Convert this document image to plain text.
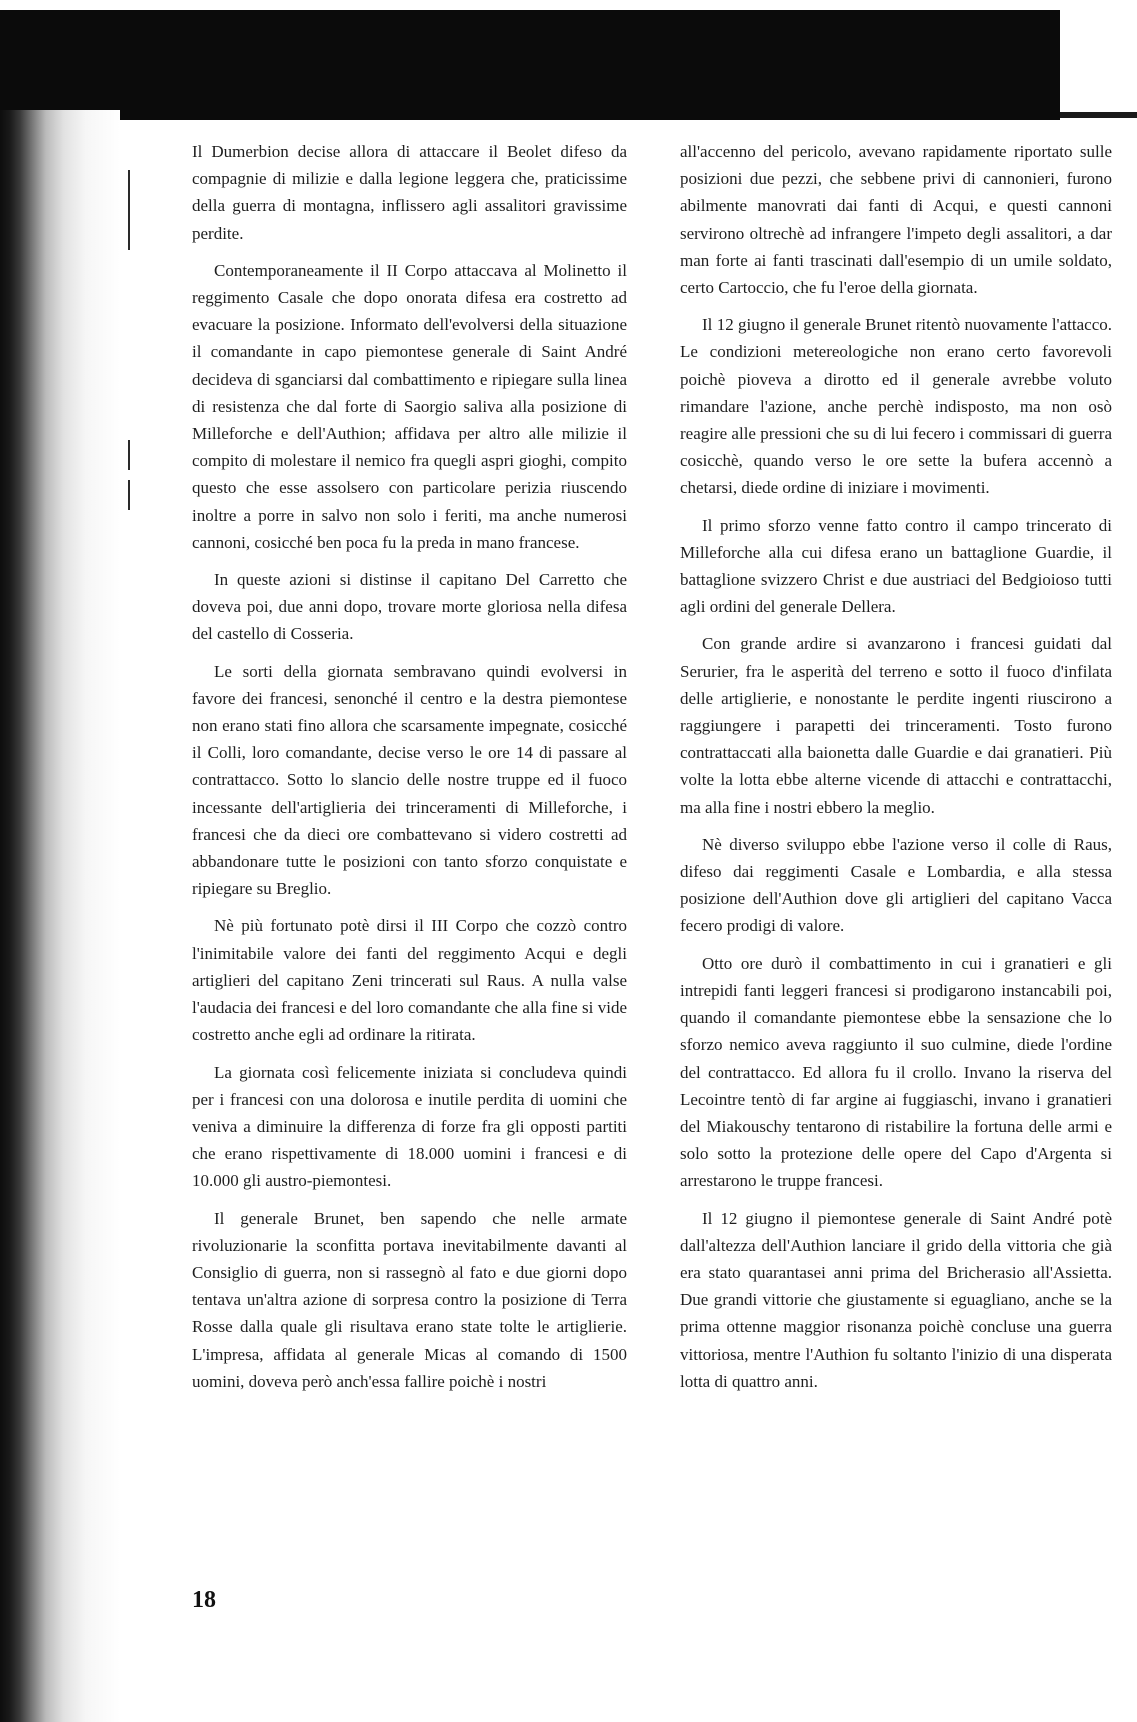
Il Dumerbion decise allora di attaccare il Beolet difeso da compagnie di milizie e dalla legione leggera che, praticissime della guerra di montagna, inflissero agli assalitori gravissime perdite.

Contemporaneamente il II Corpo attaccava al Molinetto il reggimento Casale che dopo onorata difesa era costretto ad evacuare la posizione. Informato dell'evolversi della situazione il comandante in capo piemontese generale di Saint André decideva di sganciarsi dal combattimento e ripiegare sulla linea di resistenza che dal forte di Saorgio saliva alla posizione di Milleforche e dell'Authion; affidava per altro alle milizie il compito di molestare il nemico fra quegli aspri gioghi, compito questo che esse assolsero con particolare perizia riuscendo inoltre a porre in salvo non solo i feriti, ma anche numerosi cannoni, cosicché ben poca fu la preda in mano francese.

In queste azioni si distinse il capitano Del Carretto che doveva poi, due anni dopo, trovare morte gloriosa nella difesa del castello di Cosseria.

Le sorti della giornata sembravano quindi evolversi in favore dei francesi, senonché il centro e la destra piemontese non erano stati fino allora che scarsamente impegnate, cosicché il Colli, loro comandante, decise verso le ore 14 di passare al contrattacco. Sotto lo slancio delle nostre truppe ed il fuoco incessante dell'artiglieria dei trinceramenti di Milleforche, i francesi che da dieci ore combattevano si videro costretti ad abbandonare tutte le posizioni con tanto sforzo conquistate e ripiegare su Breglio.

Nè più fortunato potè dirsi il III Corpo che cozzò contro l'inimitabile valore dei fanti del reggimento Acqui e degli artiglieri del capitano Zeni trincerati sul Raus. A nulla valse l'audacia dei francesi e del loro comandante che alla fine si vide costretto anche egli ad ordinare la ritirata.

La giornata così felicemente iniziata si concludeva quindi per i francesi con una dolorosa e inutile perdita di uomini che veniva a diminuire la differenza di forze fra gli opposti partiti che erano rispettivamente di 18.000 uomini i francesi e di 10.000 gli austro-piemontesi.

Il generale Brunet, ben sapendo che nelle armate rivoluzionarie la sconfitta portava inevitabilmente davanti al Consiglio di guerra, non si rassegnò al fato e due giorni dopo tentava un'altra azione di sorpresa contro la posizione di Terra Rosse dalla quale gli risultava erano state tolte le artiglierie. L'impresa, affidata al generale Micas al comando di 1500 uomini, doveva però anch'essa fallire poichè i nostri

all'accenno del pericolo, avevano rapidamente riportato sulle posizioni due pezzi, che sebbene privi di cannonieri, furono abilmente manovrati dai fanti di Acqui, e questi cannoni servirono oltrechè ad infrangere l'impeto degli assalitori, a dar man forte ai fanti trascinati dall'esempio di un umile soldato, certo Cartoccio, che fu l'eroe della giornata.

Il 12 giugno il generale Brunet ritentò nuovamente l'attacco. Le condizioni metereologiche non erano certo favorevoli poichè pioveva a dirotto ed il generale avrebbe voluto rimandare l'azione, anche perchè indisposto, ma non osò reagire alle pressioni che su di lui fecero i commissari di guerra cosicchè, quando verso le ore sette la bufera accennò a chetarsi, diede ordine di iniziare i movimenti.

Il primo sforzo venne fatto contro il campo trincerato di Milleforche alla cui difesa erano un battaglione Guardie, il battaglione svizzero Christ e due austriaci del Bedgioioso tutti agli ordini del generale Dellera.

Con grande ardire si avanzarono i francesi guidati dal Serurier, fra le asperità del terreno e sotto il fuoco d'infilata delle artiglierie, e nonostante le perdite ingenti riuscirono a raggiungere i parapetti dei trinceramenti. Tosto furono contrattaccati alla baionetta dalle Guardie e dai granatieri. Più volte la lotta ebbe alterne vicende di attacchi e contrattacchi, ma alla fine i nostri ebbero la meglio.

Nè diverso sviluppo ebbe l'azione verso il colle di Raus, difeso dai reggimenti Casale e Lombardia, e alla stessa posizione dell'Authion dove gli artiglieri del capitano Vacca fecero prodigi di valore.

Otto ore durò il combattimento in cui i granatieri e gli intrepidi fanti leggeri francesi si prodigarono instancabili poi, quando il comandante piemontese ebbe la sensazione che lo sforzo nemico aveva raggiunto il suo culmine, diede l'ordine del contrattacco. Ed allora fu il crollo. Invano la riserva del Lecointre tentò di far argine ai fuggiaschi, invano i granatieri del Miakouschy tentarono di ristabilire la fortuna delle armi e solo sotto la protezione delle opere del Capo d'Argenta si arrestarono le truppe francesi.

Il 12 giugno il piemontese generale di Saint André potè dall'altezza dell'Authion lanciare il grido della vittoria che già era stato quarantasei anni prima del Bricherasio all'Assietta. Due grandi vittorie che giustamente si eguagliano, anche se la prima ottenne maggior risonanza poichè concluse una guerra vittoriosa, mentre l'Authion fu soltanto l'inizio di una disperata lotta di quattro anni.

18
